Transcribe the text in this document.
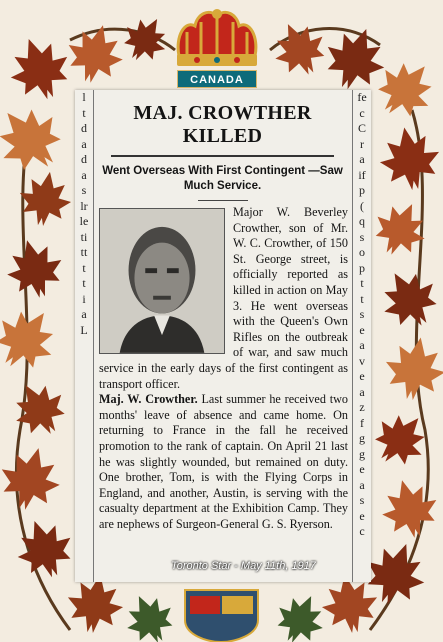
CANADA
l
t
d
a
d
a
s
lr
le
ti
tt
t
t
i
a
L
MAJ. CROWTHER KILLED
Went Overseas With First Contingent —Saw Much Service.
Major W. Beverley Crowther, son of Mr. W. C. Crowther, of 150 St. George street, is officially reported as killed in action on May 3. He went overseas with the Queen's Own Rifles on the outbreak of war, and saw much service in the early days of the first contingent as transport officer.
Maj. W. Crowther. Last summer he received two months' leave of absence and came home. On returning to France in the fall he received promotion to the rank of captain. On April 21 last he was slightly wounded, but remained on duty. One brother, Tom, is with the Flying Corps in England, and another, Austin, is serving with the casualty department at the Exhibition Camp. They are nephews of Surgeon-General G. S. Ryerson.
fe
c
C
r
a
if
p
(
q
s
o
p
t
t
s
e
a
v
e
a
z
f
g
g
e
a
s
e
c
Toronto Star - May 11th, 1917
